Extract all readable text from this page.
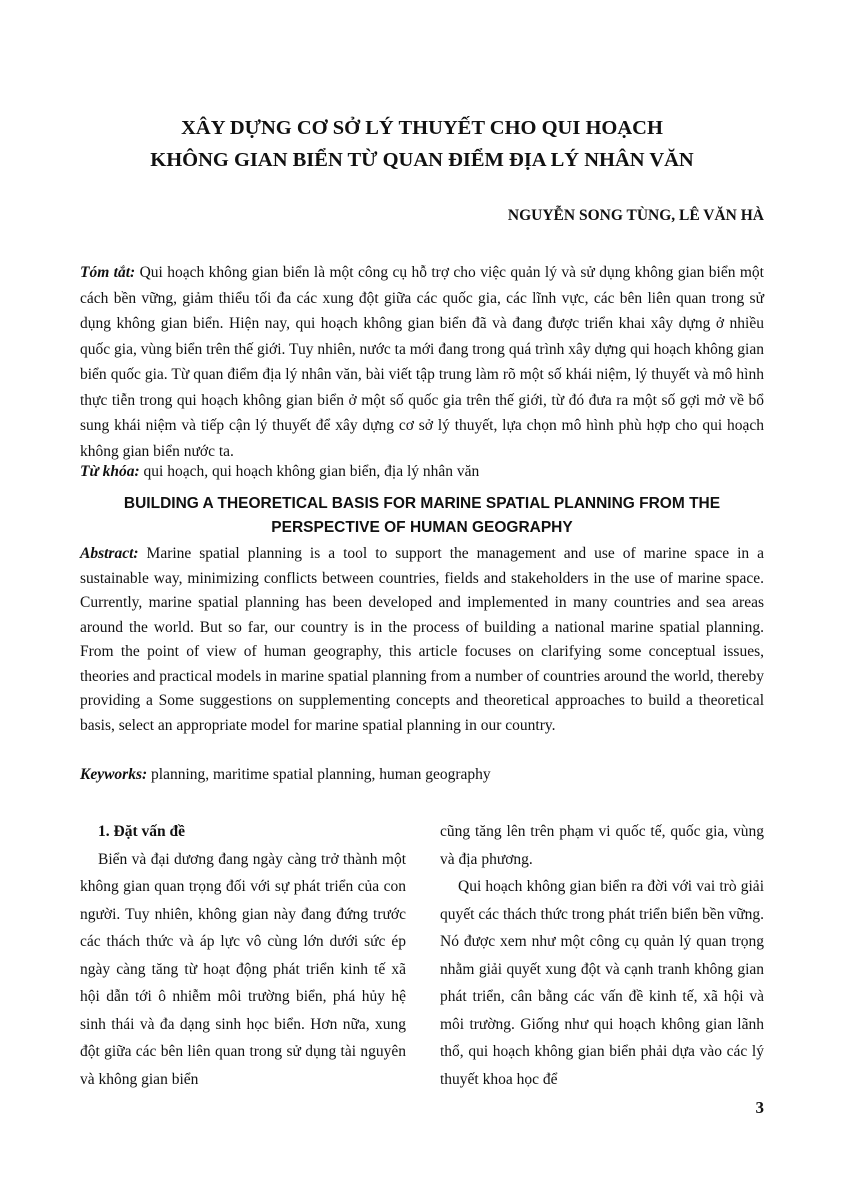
XÂY DỰNG CƠ SỞ LÝ THUYẾT CHO QUI HOẠCH
KHÔNG GIAN BIỂN TỪ QUAN ĐIỂM ĐỊA LÝ NHÂN VĂN

NGUYỄN SONG TÙNG, LÊ VĂN HÀ

Tóm tắt: Qui hoạch không gian biển là một công cụ hỗ trợ cho việc quản lý và sử dụng không gian biển một cách bền vững, giảm thiểu tối đa các xung đột giữa các quốc gia, các lĩnh vực, các bên liên quan trong sử dụng không gian biển. Hiện nay, qui hoạch không gian biển đã và đang được triển khai xây dựng ở nhiều quốc gia, vùng biển trên thế giới. Tuy nhiên, nước ta mới đang trong quá trình xây dựng qui hoạch không gian biển quốc gia. Từ quan điểm địa lý nhân văn, bài viết tập trung làm rõ một số khái niệm, lý thuyết và mô hình thực tiễn trong qui hoạch không gian biển ở một số quốc gia trên thế giới, từ đó đưa ra một số gợi mở về bổ sung khái niệm và tiếp cận lý thuyết để xây dựng cơ sở lý thuyết, lựa chọn mô hình phù hợp cho qui hoạch không gian biển nước ta.

Từ khóa: qui hoạch, qui hoạch không gian biển, địa lý nhân văn

BUILDING A THEORETICAL BASIS FOR MARINE SPATIAL PLANNING FROM THE
PERSPECTIVE OF HUMAN GEOGRAPHY

Abstract: Marine spatial planning is a tool to support the management and use of marine space in a sustainable way, minimizing conflicts between countries, fields and stakeholders in the use of marine space. Currently, marine spatial planning has been developed and implemented in many countries and sea areas around the world. But so far, our country is in the process of building a national marine spatial planning. From the point of view of human geography, this article focuses on clarifying some conceptual issues, theories and practical models in marine spatial planning from a number of countries around the world, thereby providing a Some suggestions on supplementing concepts and theoretical approaches to build a theoretical basis, select an appropriate model for marine spatial planning in our country.

Keyworks: planning, maritime spatial planning, human geography

1. Đặt vấn đề

Biển và đại dương đang ngày càng trở thành một không gian quan trọng đối với sự phát triển của con người. Tuy nhiên, không gian này đang đứng trước các thách thức và áp lực vô cùng lớn dưới sức ép ngày càng tăng từ hoạt động phát triển kinh tế xã hội dẫn tới ô nhiễm môi trường biển, phá hủy hệ sinh thái và đa dạng sinh học biển. Hơn nữa, xung đột giữa các bên liên quan trong sử dụng tài nguyên và không gian biển

cũng tăng lên trên phạm vi quốc tế, quốc gia, vùng và địa phương.

Qui hoạch không gian biển ra đời với vai trò giải quyết các thách thức trong phát triển biển bền vững. Nó được xem như một công cụ quản lý quan trọng nhằm giải quyết xung đột và cạnh tranh không gian phát triển, cân bằng các vấn đề kinh tế, xã hội và môi trường. Giống như qui hoạch không gian lãnh thổ, qui hoạch không gian biển phải dựa vào các lý thuyết khoa học để

3
